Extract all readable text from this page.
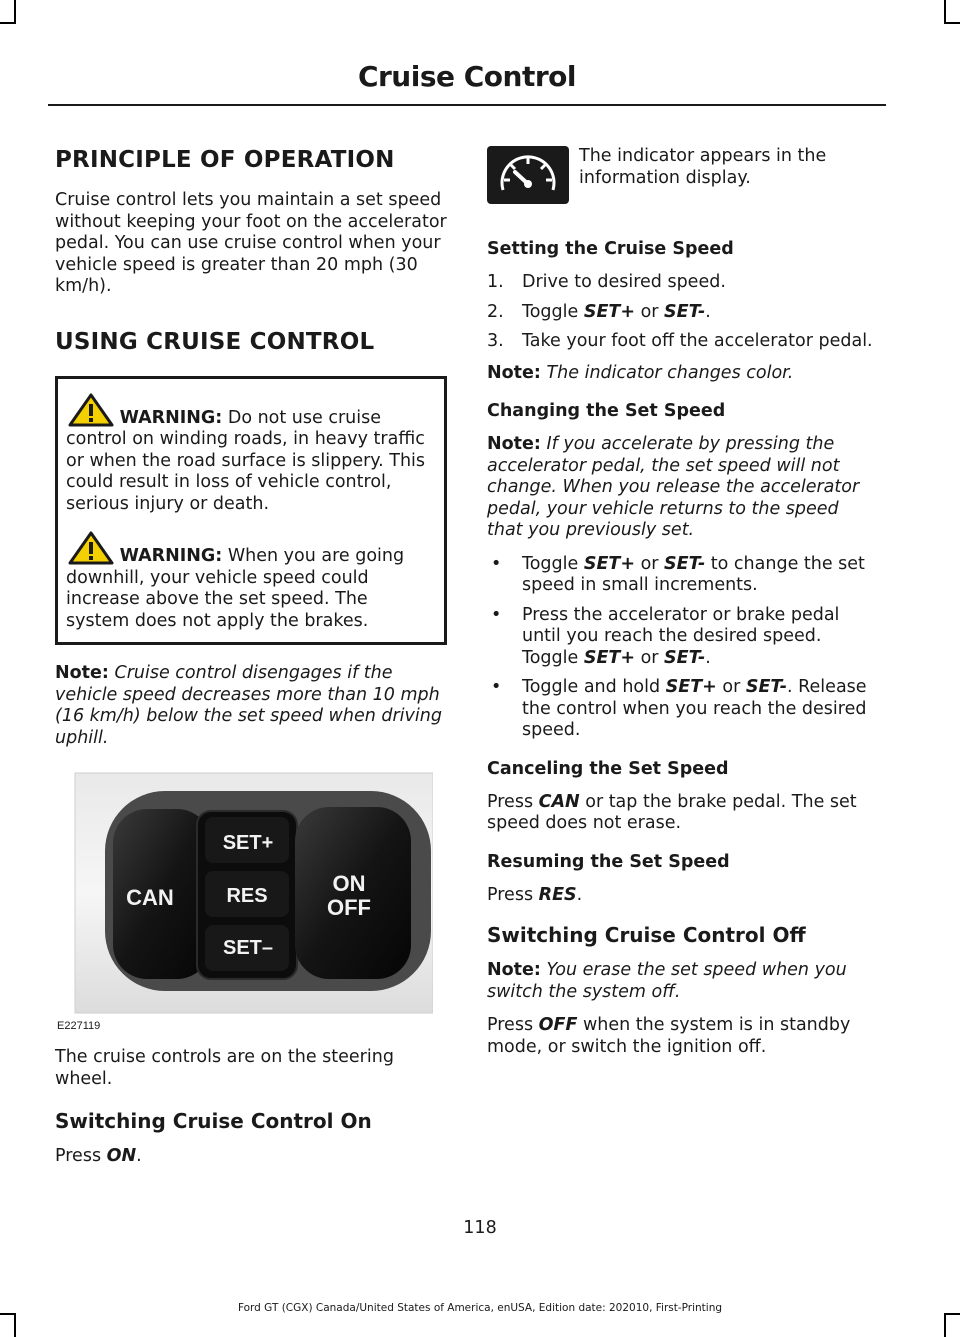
Cruise Control
PRINCIPLE OF OPERATION

Cruise control lets you maintain a set speed without keeping your foot on the accelerator pedal. You can use cruise control when your vehicle speed is greater than 20 mph (30 km/h).

USING CRUISE CONTROL

WARNING: Do not use cruise control on winding roads, in heavy traffic or when the road surface is slippery. This could result in loss of vehicle control, serious injury or death.

WARNING: When you are going downhill, your vehicle speed could increase above the set speed. The system does not apply the brakes.

Note: Cruise control disengages if the vehicle speed decreases more than 10 mph (16 km/h) below the set speed when driving uphill.

CAN
SET+
RES
SET–
ON
OFF
E227119

The cruise controls are on the steering wheel.

Switching Cruise Control On

Press ON.

The indicator appears in the information display.

Setting the Cruise Speed
1. Drive to desired speed.
2. Toggle SET+ or SET-.
3. Take your foot off the accelerator pedal.

Note: The indicator changes color.

Changing the Set Speed

Note: If you accelerate by pressing the accelerator pedal, the set speed will not change. When you release the accelerator pedal, your vehicle returns to the speed that you previously set.

• Toggle SET+ or SET- to change the set speed in small increments.
• Press the accelerator or brake pedal until you reach the desired speed. Toggle SET+ or SET-.
• Toggle and hold SET+ or SET-. Release the control when you reach the desired speed.
Canceling the Set Speed

Press CAN or tap the brake pedal. The set speed does not erase.

Resuming the Set Speed

Press RES.

Switching Cruise Control Off

Note: You erase the set speed when you switch the system off.

Press OFF when the system is in standby mode, or switch the ignition off.

118
Ford GT (CGX) Canada/United States of America, enUSA, Edition date: 202010, First-Printing
